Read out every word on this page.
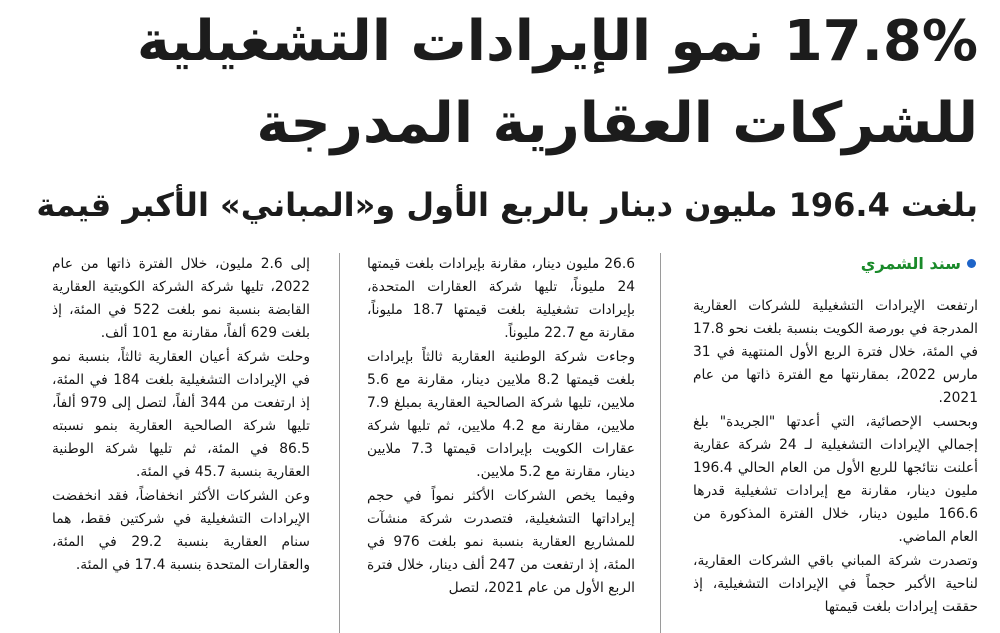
17.8% نمو الإيرادات التشغيلية
للشركات العقارية المدرجة
بلغت 196.4 مليون دينار بالربع الأول و«المباني» الأكبر قيمة
سند الشمري

ارتفعت الإيرادات التشغيلية للشركات العقارية المدرجة في بورصة الكويت بنسبة بلغت نحو 17.8 في المئة، خلال فترة الربع الأول المنتهية في 31 مارس 2022، بمقارنتها مع الفترة ذاتها من عام 2021.

وبحسب الإحصائية، التي أعدتها "الجريدة" بلغ إجمالي الإيرادات التشغيلية لـ 24 شركة عقارية أعلنت نتائجها للربع الأول من العام الحالي 196.4 مليون دينار، مقارنة مع إيرادات تشغيلية قدرها 166.6 مليون دينار، خلال الفترة المذكورة من العام الماضي.

وتصدرت شركة المباني باقي الشركات العقارية، لناحية الأكبر حجماً في الإيرادات التشغيلية، إذ حققت إيرادات بلغت قيمتها

26.6 مليون دينار، مقارنة بإيرادات بلغت قيمتها 24 مليوناً، تليها شركة العقارات المتحدة، بإيرادات تشغيلية بلغت قيمتها 18.7 مليوناً، مقارنة مع 22.7 مليوناً.

وجاءت شركة الوطنية العقارية ثالثاً بإيرادات بلغت قيمتها 8.2 ملايين دينار، مقارنة مع 5.6 ملايين، تليها شركة الصالحية العقارية بمبلغ 7.9 ملايين، مقارنة مع 4.2 ملايين، ثم تليها شركة عقارات الكويت بإيرادات قيمتها 7.3 ملايين دينار، مقارنة مع 5.2 ملايين.

وفيما يخص الشركات الأكثر نمواً في حجم إيراداتها التشغيلية، فتصدرت شركة منشآت للمشاريع العقارية بنسبة نمو بلغت 976 في المئة، إذ ارتفعت من 247 ألف دينار، خلال فترة الربع الأول من عام 2021، لتصل

إلى 2.6 مليون، خلال الفترة ذاتها من عام 2022، تليها شركة الشركة الكويتية العقارية القابضة بنسبة نمو بلغت 522 في المئة، إذ بلغت 629 ألفاً، مقارنة مع 101 ألف.

وحلت شركة أعيان العقارية ثالثاً، بنسبة نمو في الإيرادات التشغيلية بلغت 184 في المئة، إذ ارتفعت من 344 ألفاً، لتصل إلى 979 ألفاً، تليها شركة الصالحية العقارية بنمو نسبته 86.5 في المئة، ثم تليها شركة الوطنية العقارية بنسبة 45.7 في المئة.

وعن الشركات الأكثر انخفاضاً، فقد انخفضت الإيرادات التشغيلية في شركتين فقط، هما سنام العقارية بنسبة 29.2 في المئة، والعقارات المتحدة بنسبة 17.4 في المئة.
